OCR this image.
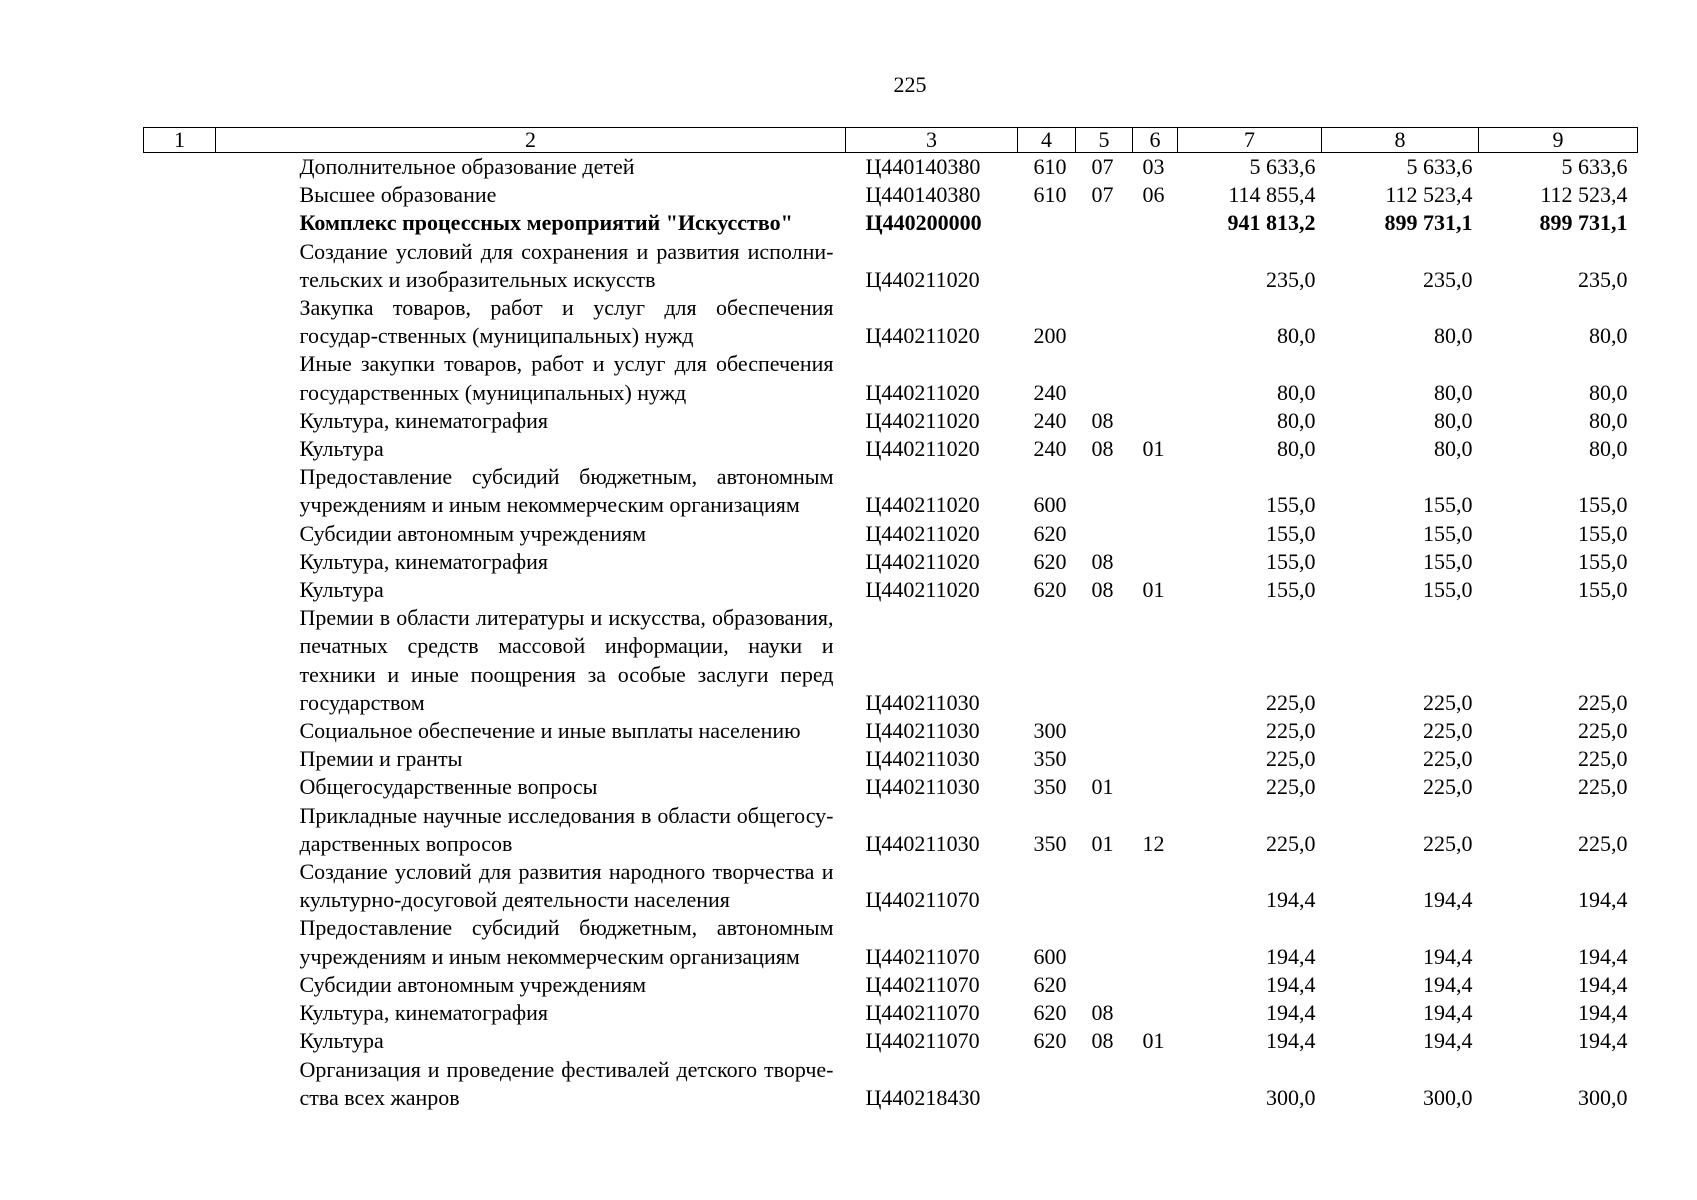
225
1	2	3	4	5	6	7	8	9
	Дополнительное образование детей	Ц440140380	610	07	03	5 633,6	5 633,6	5 633,6
	Высшее образование	Ц440140380	610	07	06	114 855,4	112 523,4	112 523,4
	Комплекс процессных мероприятий "Искусство"	Ц440200000				941 813,2	899 731,1	899 731,1
	Создание условий для сохранения и развития исполни-тельских и изобразительных искусств	Ц440211020				235,0	235,0	235,0
	Закупка товаров, работ и услуг для обеспечения государ-ственных (муниципальных) нужд	Ц440211020	200			80,0	80,0	80,0
	Иные закупки товаров, работ и услуг для обеспечения государственных (муниципальных) нужд	Ц440211020	240			80,0	80,0	80,0
	Культура, кинематография	Ц440211020	240	08		80,0	80,0	80,0
	Культура	Ц440211020	240	08	01	80,0	80,0	80,0
	Предоставление субсидий бюджетным, автономным учреждениям и иным некоммерческим организациям	Ц440211020	600			155,0	155,0	155,0
	Субсидии автономным учреждениям	Ц440211020	620			155,0	155,0	155,0
	Культура, кинематография	Ц440211020	620	08		155,0	155,0	155,0
	Культура	Ц440211020	620	08	01	155,0	155,0	155,0
	Премии в области литературы и искусства, образования, печатных средств массовой информации, науки и техники и иные поощрения за особые заслуги перед государством	Ц440211030				225,0	225,0	225,0
	Социальное обеспечение и иные выплаты населению	Ц440211030	300			225,0	225,0	225,0
	Премии и гранты	Ц440211030	350			225,0	225,0	225,0
	Общегосударственные вопросы	Ц440211030	350	01		225,0	225,0	225,0
	Прикладные научные исследования в области общегосу-дарственных вопросов	Ц440211030	350	01	12	225,0	225,0	225,0
	Создание условий для развития народного творчества и культурно-досуговой деятельности населения	Ц440211070				194,4	194,4	194,4
	Предоставление субсидий бюджетным, автономным учреждениям и иным некоммерческим организациям	Ц440211070	600			194,4	194,4	194,4
	Субсидии автономным учреждениям	Ц440211070	620			194,4	194,4	194,4
	Культура, кинематография	Ц440211070	620	08		194,4	194,4	194,4
	Культура	Ц440211070	620	08	01	194,4	194,4	194,4
	Организация и проведение фестивалей детского творче-ства всех жанров	Ц440218430				300,0	300,0	300,0
